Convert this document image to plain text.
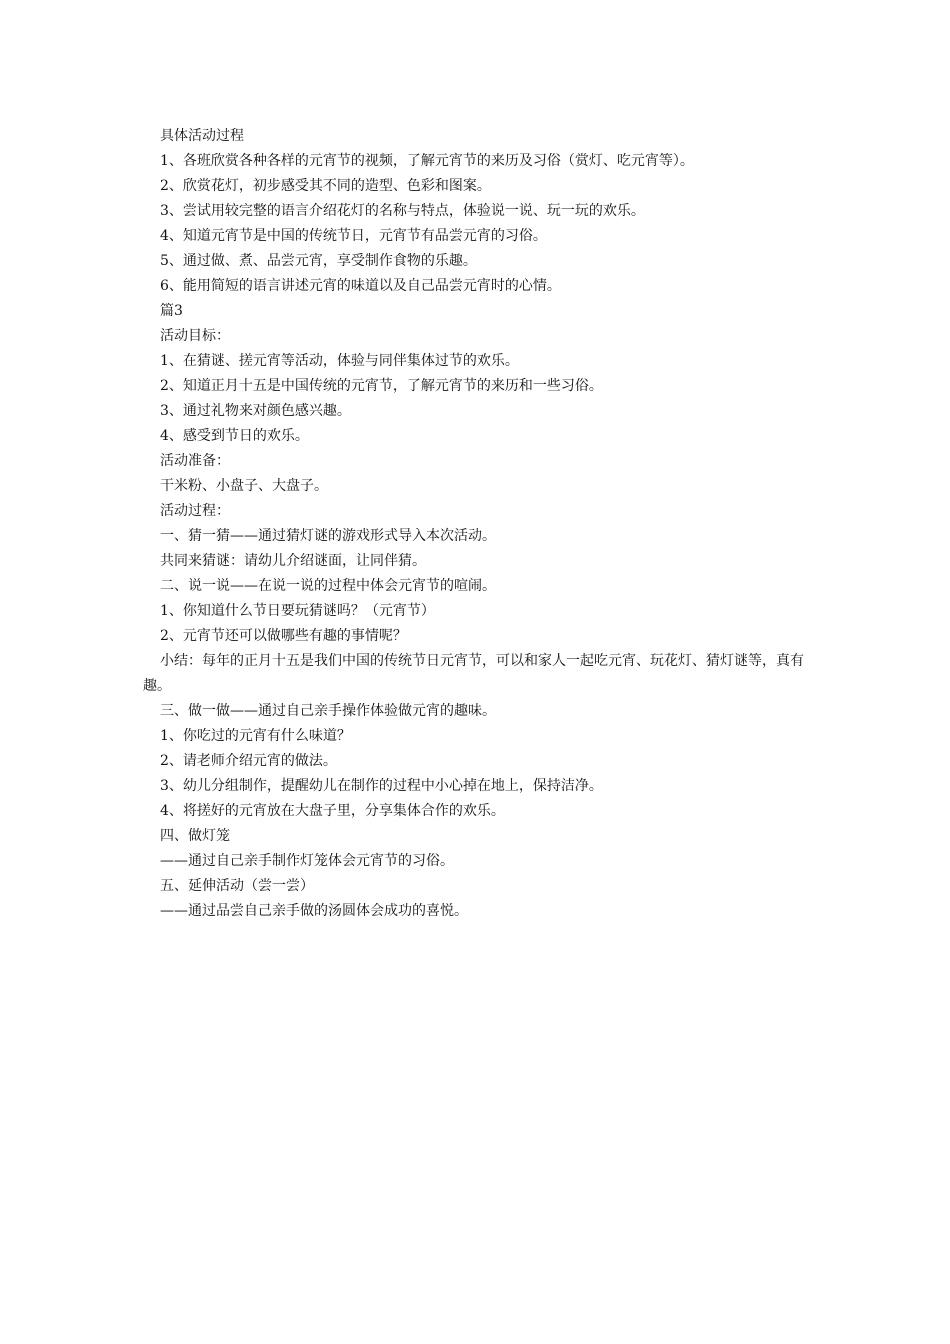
具体活动过程
1、各班欣赏各种各样的元宵节的视频，了解元宵节的来历及习俗（赏灯、吃元宵等）。
2、欣赏花灯，初步感受其不同的造型、色彩和图案。
3、尝试用较完整的语言介绍花灯的名称与特点，体验说一说、玩一玩的欢乐。
4、知道元宵节是中国的传统节日，元宵节有品尝元宵的习俗。
5、通过做、煮、品尝元宵，享受制作食物的乐趣。
6、能用简短的语言讲述元宵的味道以及自己品尝元宵时的心情。
篇3
活动目标：
1、在猜谜、搓元宵等活动，体验与同伴集体过节的欢乐。
2、知道正月十五是中国传统的元宵节，了解元宵节的来历和一些习俗。
3、通过礼物来对颜色感兴趣。
4、感受到节日的欢乐。
活动准备：
干米粉、小盘子、大盘子。
活动过程：
一、猜一猜——通过猜灯谜的游戏形式导入本次活动。
共同来猜谜：请幼儿介绍谜面，让同伴猜。
二、说一说——在说一说的过程中体会元宵节的喧闹。
1、你知道什么节日要玩猜谜吗？（元宵节）
2、元宵节还可以做哪些有趣的事情呢？
小结：每年的正月十五是我们中国的传统节日元宵节，可以和家人一起吃元宵、玩花灯、猜灯谜等，真有趣。
三、做一做——通过自己亲手操作体验做元宵的趣味。
1、你吃过的元宵有什么味道？
2、请老师介绍元宵的做法。
3、幼儿分组制作，提醒幼儿在制作的过程中小心掉在地上，保持洁净。
4、将搓好的元宵放在大盘子里，分享集体合作的欢乐。
四、做灯笼
——通过自己亲手制作灯笼体会元宵节的习俗。
五、延伸活动（尝一尝）
——通过品尝自己亲手做的汤圆体会成功的喜悦。
